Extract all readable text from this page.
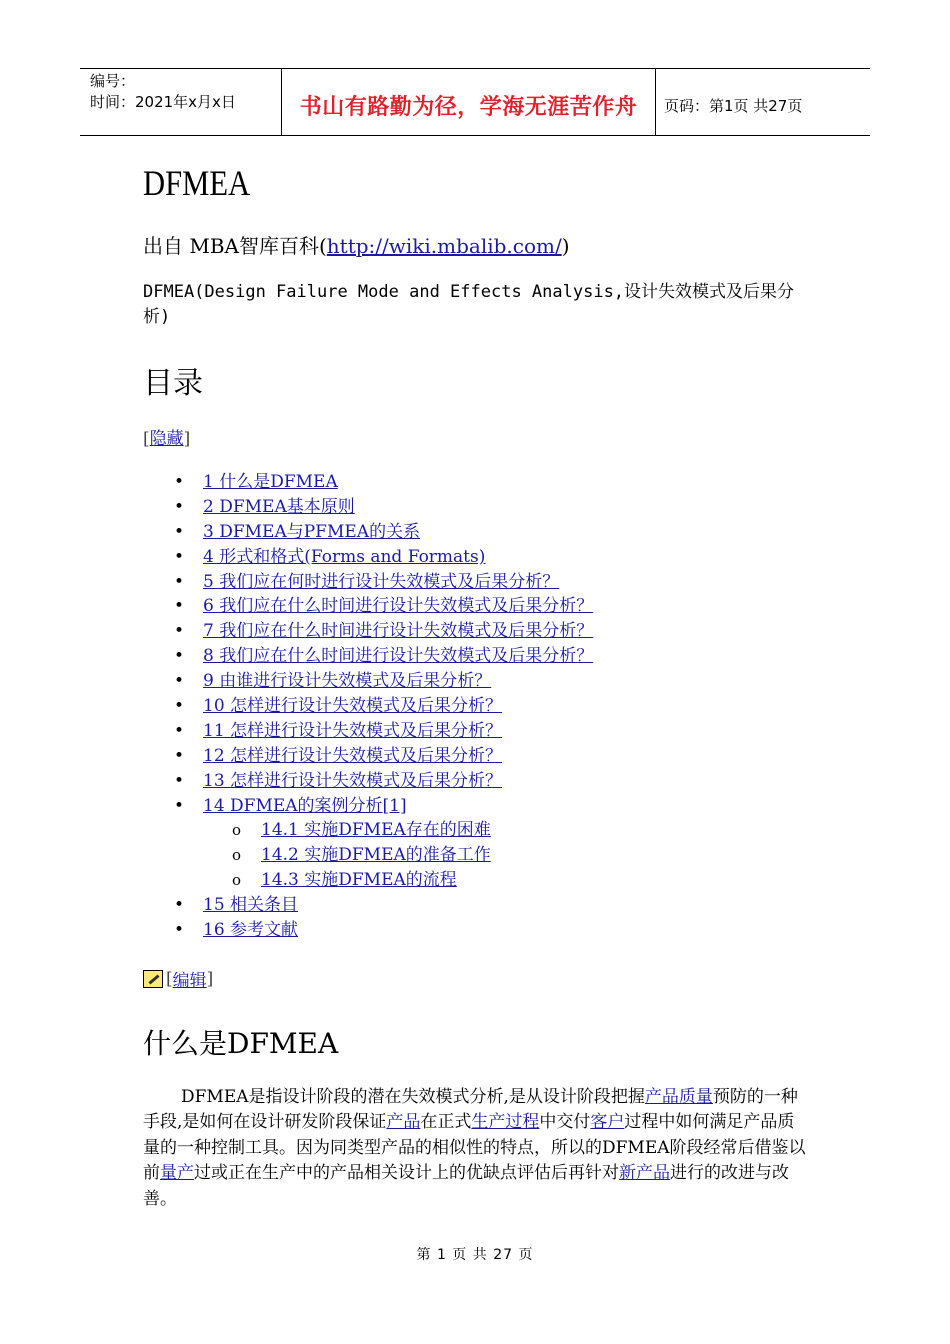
编号：
时间：2021年x月x日	书山有路勤为径，学海无涯苦作舟	页码：第1页 共27页
DFMEA
出自 MBA智库百科(http://wiki.mbalib.com/)
DFMEA(Design Failure Mode and Effects Analysis,设计失效模式及后果分析)
目录
[隐藏]
• 1 什么是DFMEA
• 2 DFMEA基本原则
• 3 DFMEA与PFMEA的关系
• 4 形式和格式(Forms and Formats)
• 5 我们应在何时进行设计失效模式及后果分析？
• 6 我们应在什么时间进行设计失效模式及后果分析？
• 7 我们应在什么时间进行设计失效模式及后果分析？
• 8 我们应在什么时间进行设计失效模式及后果分析？
• 9 由谁进行设计失效模式及后果分析？
• 10 怎样进行设计失效模式及后果分析？
• 11 怎样进行设计失效模式及后果分析？
• 12 怎样进行设计失效模式及后果分析？
• 13 怎样进行设计失效模式及后果分析？
• 14 DFMEA的案例分析[1]
o 14.1 实施DFMEA存在的困难
o 14.2 实施DFMEA的准备工作
o 14.3 实施DFMEA的流程
• 15 相关条目
• 16 参考文献
[ 编辑 ]
什么是DFMEA
DFMEA是指设计阶段的潜在失效模式分析,是从设计阶段把握产品质量预防的一种手段,是如何在设计研发阶段保证产品在正式生产过程中交付客户过程中如何满足产品质量的一种控制工具。因为同类型产品的相似性的特点，所以的DFMEA阶段经常后借鉴以前量产过或正在生产中的产品相关设计上的优缺点评估后再针对新产品进行的改进与改善。
第 1 页 共 27 页
